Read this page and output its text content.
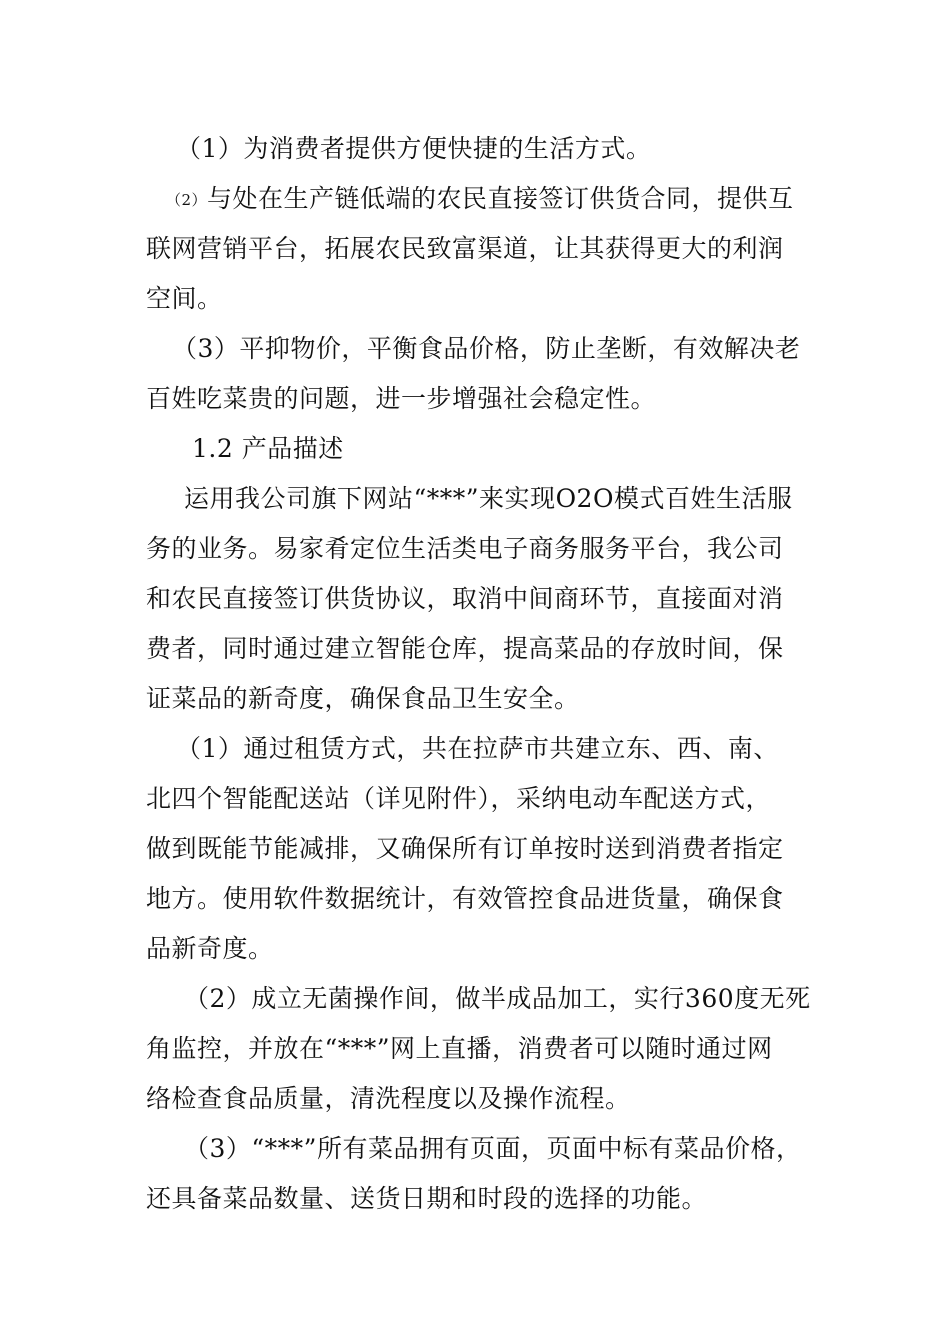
（1）为消费者提供方便快捷的生活方式。
（2）与处在生产链低端的农民直接签订供货合同，提供互
联网营销平台，拓展农民致富渠道，让其获得更大的利润
空间。
（3）平抑物价，平衡食品价格，防止垄断，有效解决老
百姓吃菜贵的问题，进一步增强社会稳定性。
1.2 产品描述
运用我公司旗下网站“***”来实现O2O模式百姓生活服
务的业务。易家肴定位生活类电子商务服务平台，我公司
和农民直接签订供货协议，取消中间商环节，直接面对消
费者，同时通过建立智能仓库，提高菜品的存放时间，保
证菜品的新奇度，确保食品卫生安全。
（1）通过租赁方式，共在拉萨市共建立东、西、南、
北四个智能配送站（详见附件），采纳电动车配送方式，
做到既能节能减排，又确保所有订单按时送到消费者指定
地方。使用软件数据统计，有效管控食品进货量，确保食
品新奇度。
（2）成立无菌操作间，做半成品加工，实行360度无死
角监控，并放在“***”网上直播，消费者可以随时通过网
络检查食品质量，清洗程度以及操作流程。
（3）“***”所有菜品拥有页面，页面中标有菜品价格，
还具备菜品数量、送货日期和时段的选择的功能。
